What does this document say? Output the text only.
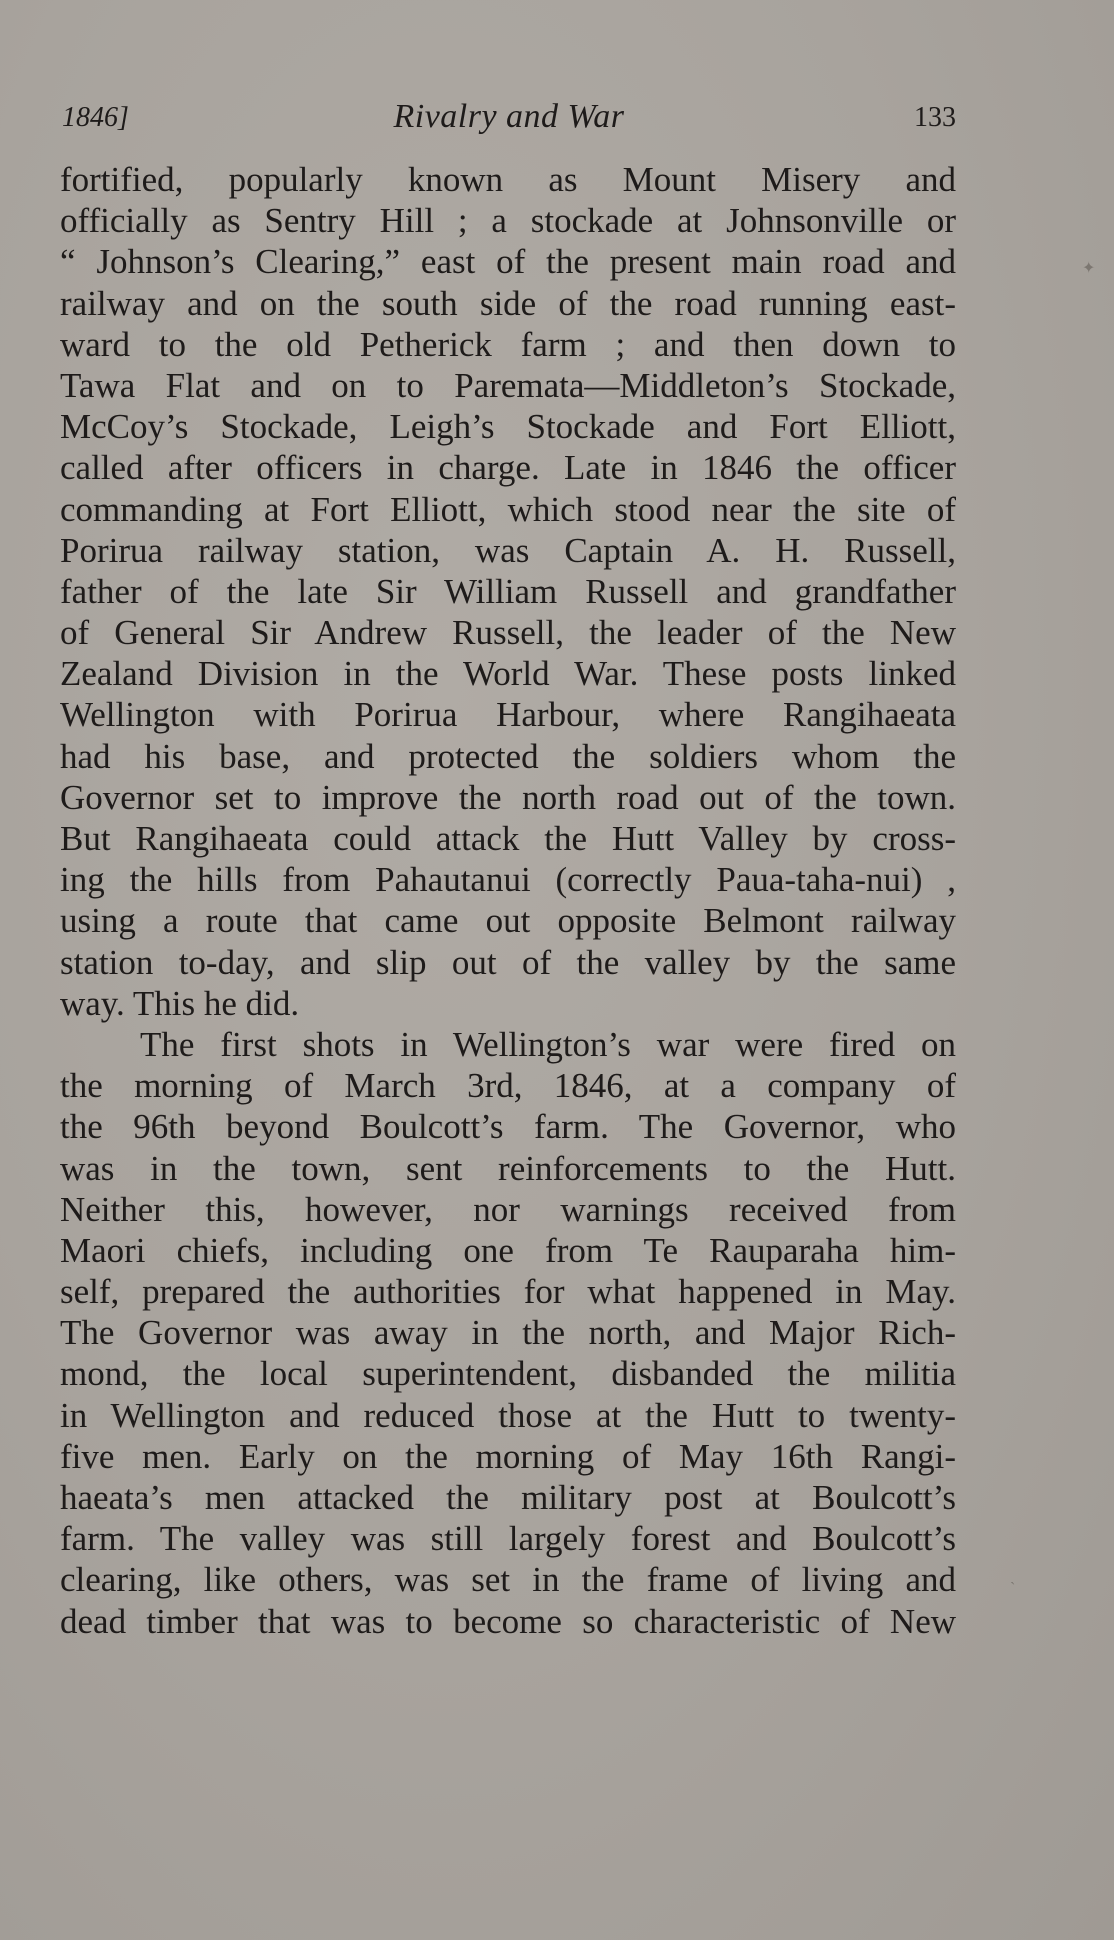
1846]	Rivalry and War	133
fortified, popularly known as Mount Misery and
officially as Sentry Hill ; a stockade at Johnsonville or
“ Johnson’s Clearing,” east of the present main road and
railway and on the south side of the road running east-
ward to the old Petherick farm ; and then down to
Tawa Flat and on to Paremata—Middleton’s Stockade,
McCoy’s Stockade, Leigh’s Stockade and Fort Elliott,
called after officers in charge. Late in 1846 the officer
commanding at Fort Elliott, which stood near the site of
Porirua railway station, was Captain A. H. Russell,
father of the late Sir William Russell and grandfather
of General Sir Andrew Russell, the leader of the New
Zealand Division in the World War. These posts linked
Wellington with Porirua Harbour, where Rangihaeata
had his base, and protected the soldiers whom the
Governor set to improve the north road out of the town.
But Rangihaeata could attack the Hutt Valley by cross-
ing the hills from Pahautanui (correctly Paua-taha-nui) ,
using a route that came out opposite Belmont railway
station to-day, and slip out of the valley by the same
way. This he did.
The first shots in Wellington’s war were fired on
the morning of March 3rd, 1846, at a company of
the 96th beyond Boulcott’s farm. The Governor, who
was in the town, sent reinforcements to the Hutt.
Neither this, however, nor warnings received from
Maori chiefs, including one from Te Rauparaha him-
self, prepared the authorities for what happened in May.
The Governor was away in the north, and Major Rich-
mond, the local superintendent, disbanded the militia
in Wellington and reduced those at the Hutt to twenty-
five men. Early on the morning of May 16th Rangi-
haeata’s men attacked the military post at Boulcott’s
farm. The valley was still largely forest and Boulcott’s
clearing, like others, was set in the frame of living and
dead timber that was to become so characteristic of New
✦
ˏ
